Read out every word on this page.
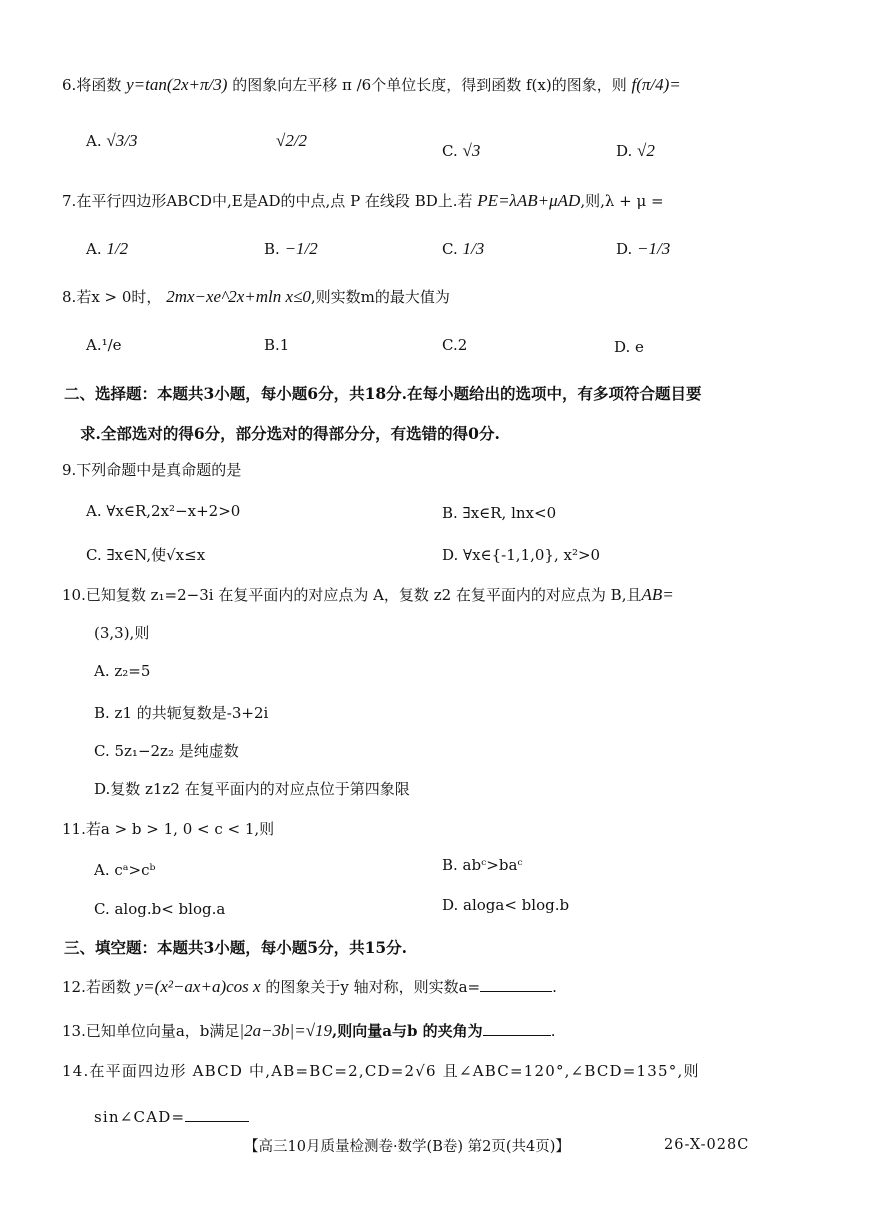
6.将函数 y=tan(2x+π/3) 的图象向左平移 π /6个单位长度，得到函数 f(x)的图象，则 f(π/4)=
A. √3/3	√2/2
C. √3	D. √2
7.在平行四边形ABCD中,E是AD的中点,点 P 在线段 BD上.若 PE=λAB+μAD,则,λ + μ =
A. 1/2	B. −1/2	C. 1/3	D. −1/3
8.若x > 0时， 2mx−xe^2x+mln x≤0,则实数m的最大值为
A.¹/e	B.1	C.2	D. e
二、选择题：本题共3小题，每小题6分，共18分.在每小题给出的选项中，有多项符合题目要
求.全部选对的得6分，部分选对的得部分分，有选错的得0分.
9.下列命题中是真命题的是
A. ∀x∈R,2x²−x+2>0	B. ∃x∈R, lnx<0
C. ∃x∈N,使√x≤x	D. ∀x∈{-1,1,0}, x²>0
10.已知复数 z₁=2−3i 在复平面内的对应点为 A，复数 z2 在复平面内的对应点为 B,且AB=
(3,3),则
A. z₂=5
B. z1 的共轭复数是-3+2i
C. 5z₁−2z₂ 是纯虚数
D.复数 z1z2 在复平面内的对应点位于第四象限
11.若a > b > 1, 0 < c < 1,则
A. cᵃ>cᵇ	B. abᶜ>baᶜ
C. alog.b< blog.a	D. aloga< blog.b
三、填空题：本题共3小题，每小题5分，共15分.
12.若函数 y=(x²−ax+a)cos x 的图象关于y 轴对称，则实数a=	.
13.已知单位向量a，b满足|2a−3b|=√19,则向量a与b 的夹角为	.
14.在平面四边形 ABCD 中,AB=BC=2,CD=2√6 且∠ABC=120°,∠BCD=135°,则
sin∠CAD=
【高三10月质量检测卷·数学(B卷) 第2页(共4页)】	26-X-028C
